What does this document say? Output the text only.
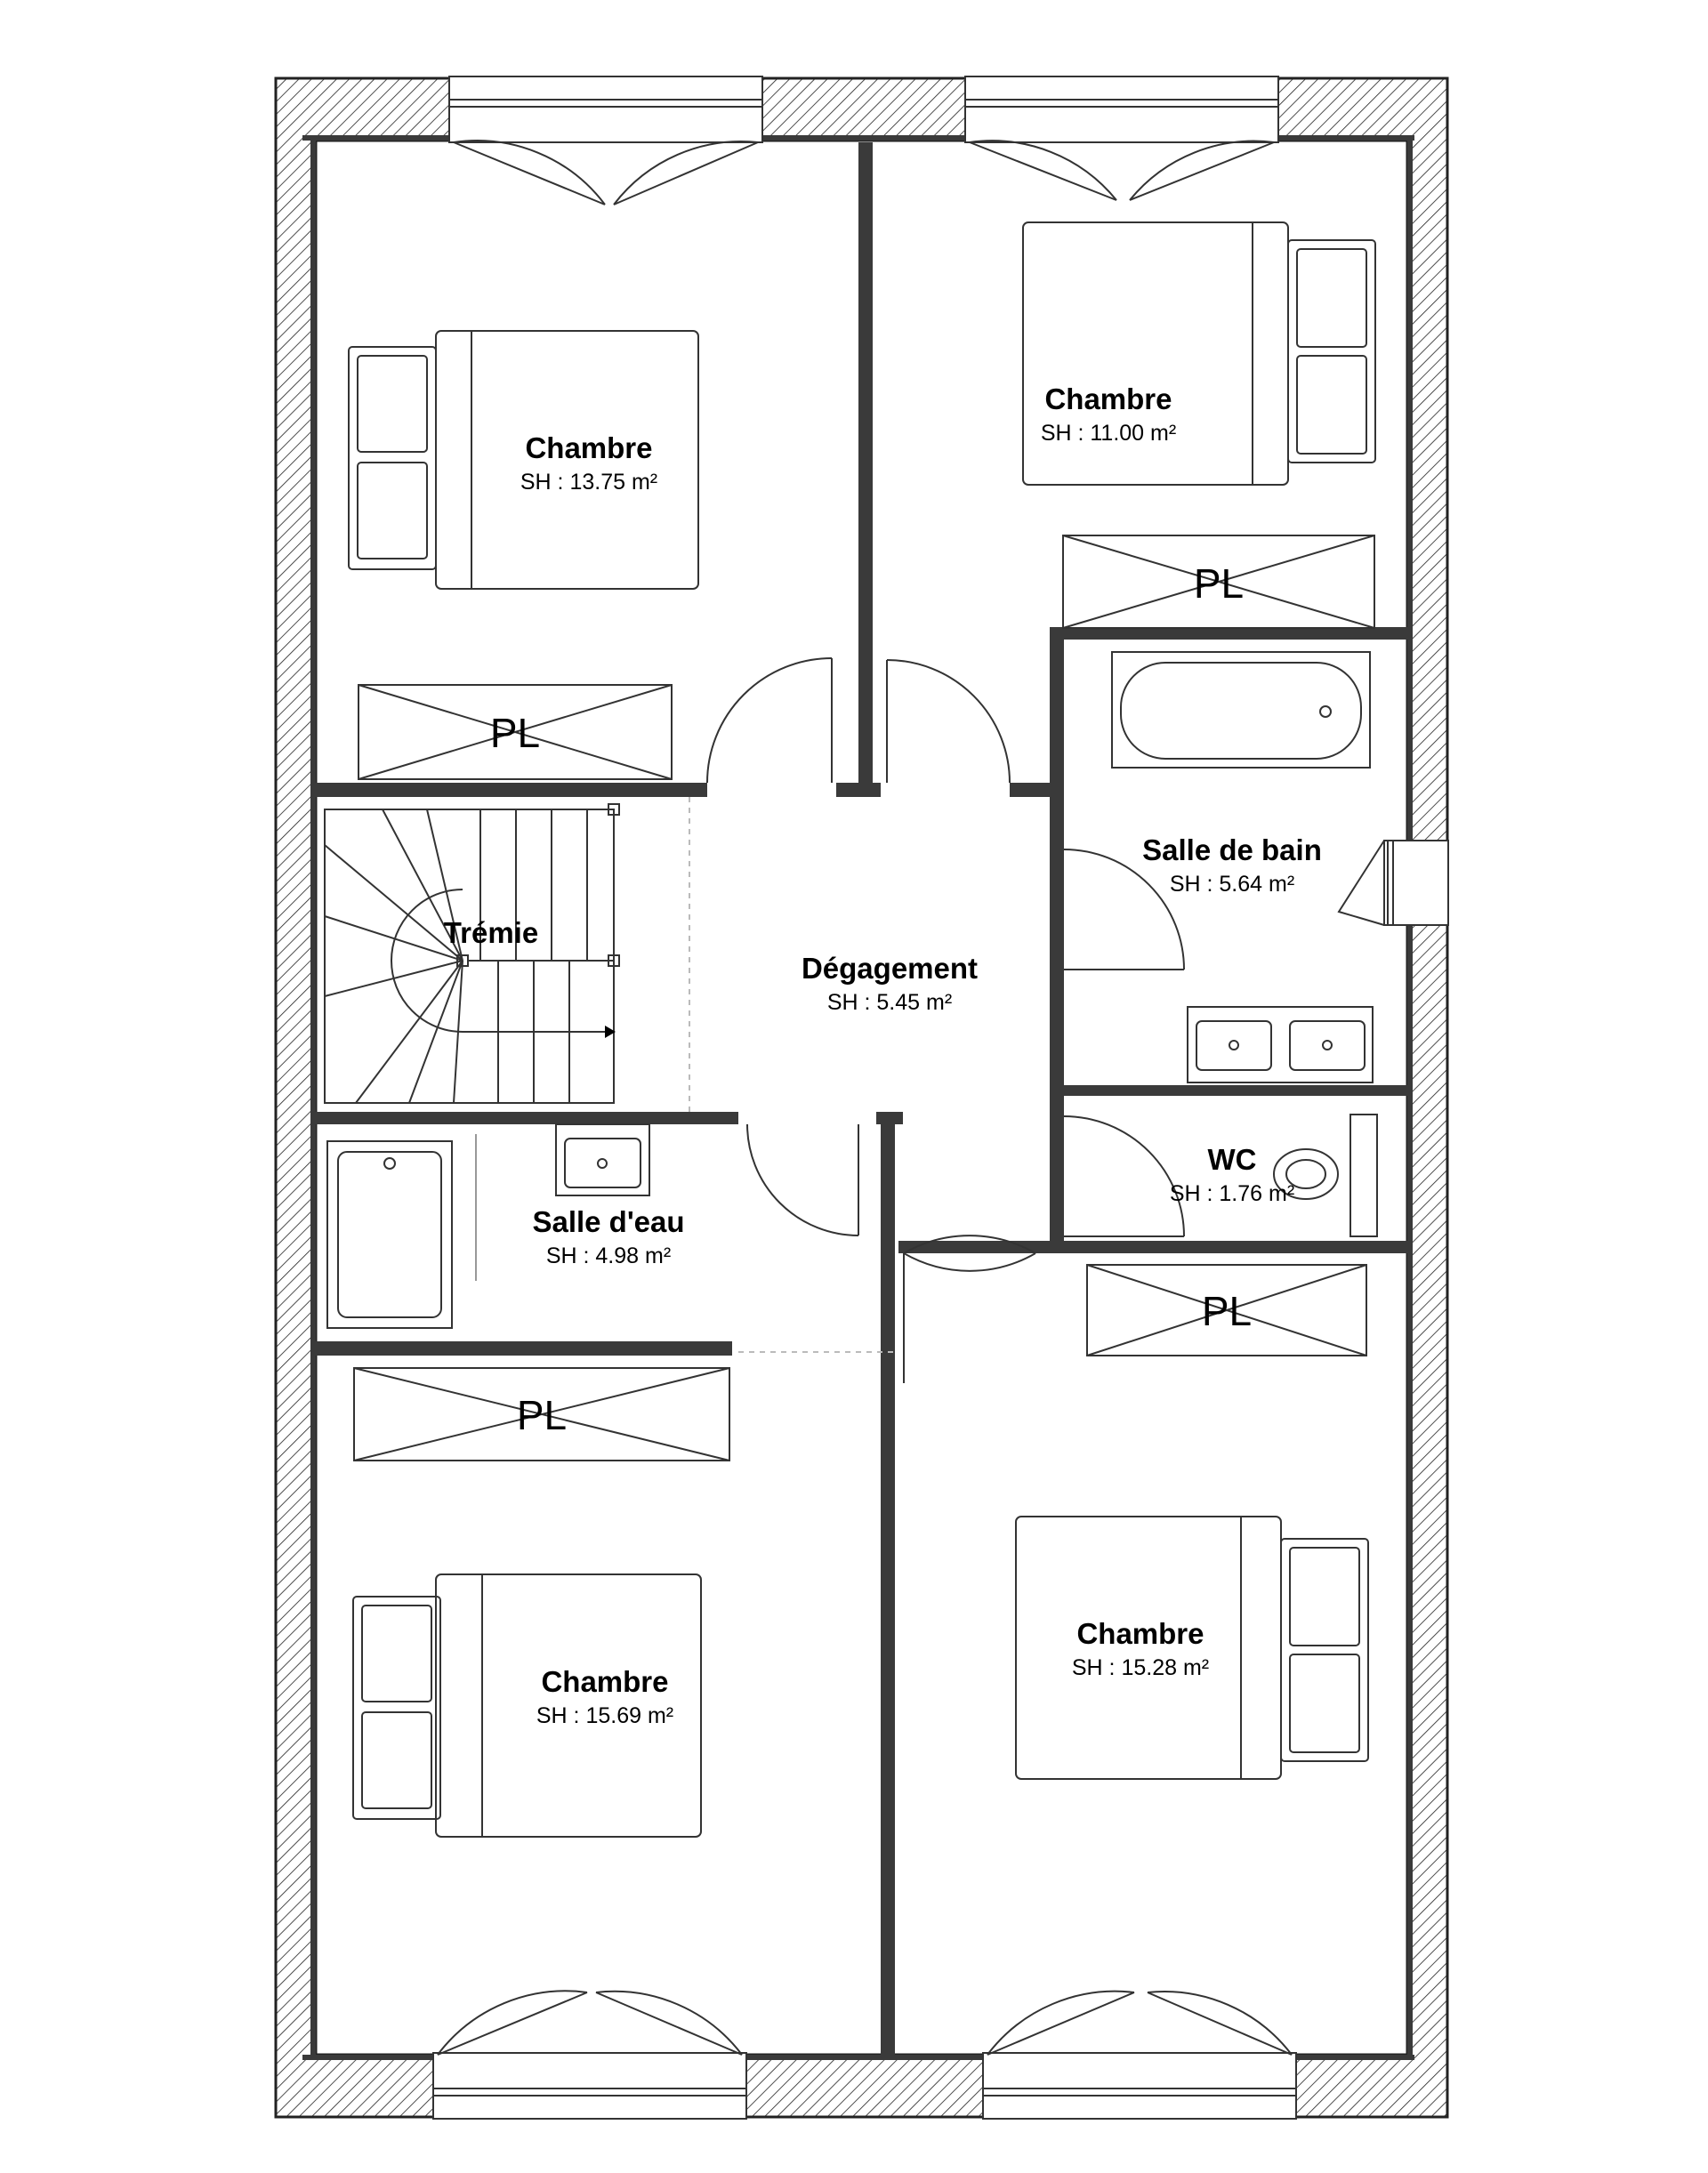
PL
PL
PL
PL
Chambre
SH : 13.75 m²
Chambre
SH : 11.00 m²
Salle de bain
SH : 5.64 m²
Trémie
Dégagement
SH : 5.45 m²
WC
SH : 1.76 m²
Salle d'eau
SH : 4.98 m²
Chambre
SH : 15.69 m²
Chambre
SH : 15.28 m²
